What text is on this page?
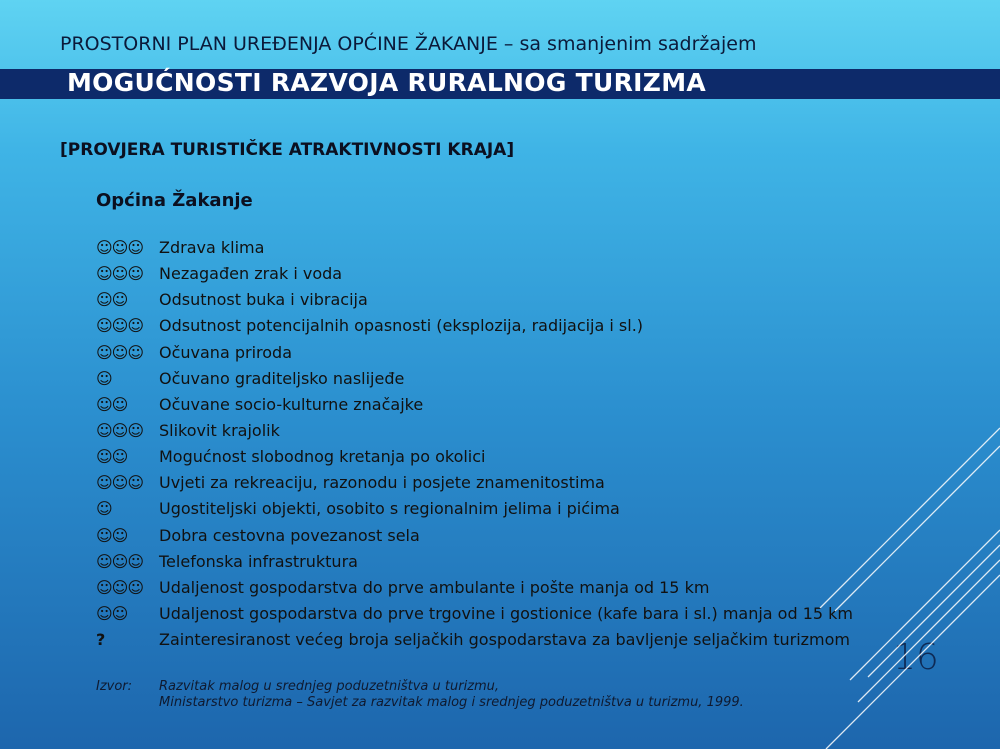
PROSTORNI PLAN UREĐENJA OPĆINE ŽAKANJE – sa smanjenim sadržajem
MOGUĆNOSTI RAZVOJA RURALNOG TURIZMA
[PROVJERA TURISTIČKE ATRAKTIVNOSTI KRAJA]
Općina Žakanje
☺☺☺ Zdrava klima
☺☺☺ Nezagađen zrak i voda
☺☺	Odsutnost buka i vibracija
☺☺☺ Odsutnost potencijalnih opasnosti (eksplozija, radijacija i sl.)
☺☺☺ Očuvana priroda
☺	Očuvano graditeljsko naslijeđe
☺☺	Očuvane socio-kulturne značajke
☺☺☺ Slikovit krajolik
☺☺	Mogućnost slobodnog kretanja po okolici
☺☺☺ Uvjeti za rekreaciju, razonodu i posjete znamenitostima
☺	Ugostiteljski objekti, osobito s regionalnim jelima i pićima
☺☺	Dobra cestovna povezanost sela
☺☺☺ Telefonska infrastruktura
☺☺☺ Udaljenost gospodarstva do prve ambulante i pošte manja od 15 km
☺☺	Udaljenost gospodarstva do prve trgovine i gostionice (kafe bara i sl.) manja od 15 km
?	Zainteresiranost većeg broja seljačkih gospodarstava za bavljenje seljačkim turizmom
Izvor: Razvitak malog u srednjeg poduzetništva u turizmu,
Ministarstvo turizma – Savjet za razvitak malog i srednjeg poduzetništva u turizmu, 1999.
16
